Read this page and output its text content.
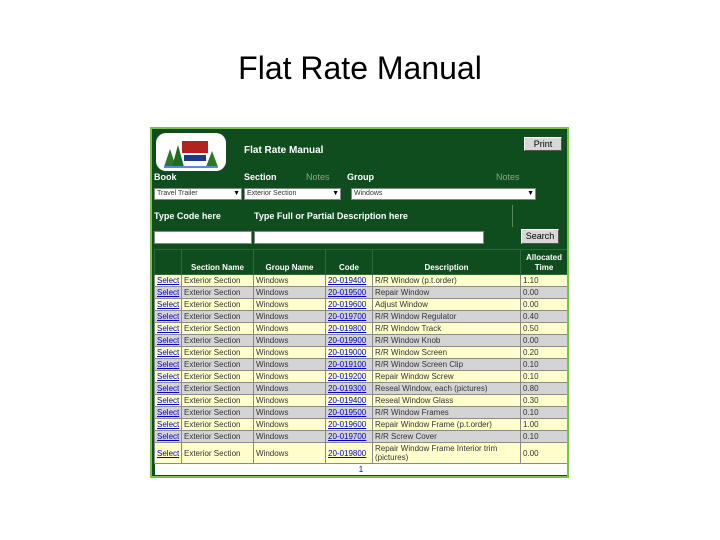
Flat Rate Manual
Flat Rate Manual
Print
Book	Section	Notes Group	Notes
Travel Trailer	▼	Exterior Section	▼	Windows	▼
Type Code here	Type Full or Partial Description here
Search
	Section Name	Group Name	Code	Description	Allocated Time
Select	Exterior Section	Windows	20-019400	R/R Window (p.t.order)	1.10
Select	Exterior Section	Windows	20-019500	Repair Window	0.00
Select	Exterior Section	Windows	20-019600	Adjust Window	0.00
Select	Exterior Section	Windows	20-019700	R/R Window Regulator	0.40
Select	Exterior Section	Windows	20-019800	R/R Window Track	0.50
Select	Exterior Section	Windows	20-019900	R/R Window Knob	0.00
Select	Exterior Section	Windows	20-019000	R/R Window Screen	0.20
Select	Exterior Section	Windows	20-019100	R/R Window Screen Clip	0.10
Select	Exterior Section	Windows	20-019200	Repair Window Screw	0.10
Select	Exterior Section	Windows	20-019300	Reseal Window, each (pictures)	0.80
Select	Exterior Section	Windows	20-019400	Reseal Window Glass	0.30
Select	Exterior Section	Windows	20-019500	R/R Window Frames	0.10
Select	Exterior Section	Windows	20-019600	Repair Window Frame (p.t.order)	1.00
Select	Exterior Section	Windows	20-019700	R/R Screw Cover	0.10
Select	Exterior Section	Windows	20-019800	Repair Window Frame Interior trim (pictures)	0.00
1					
